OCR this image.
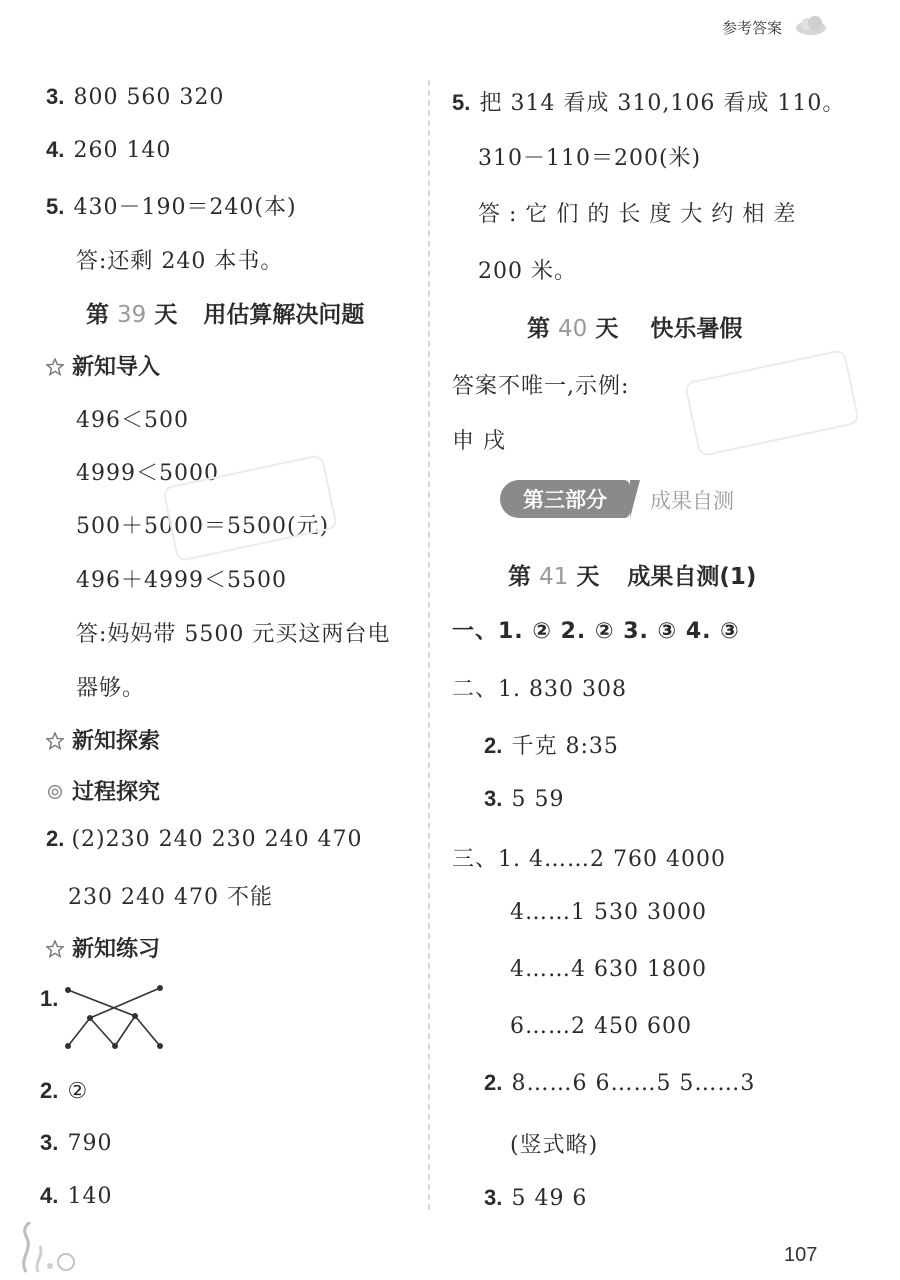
参考答案
3. 800 560 320
4. 260 140
5. 430－190＝240(本)
答:还剩 240 本书。
第 39 天 用估算解决问题
新知导入
496＜500
4999＜5000
500＋5000＝5500(元)
496＋4999＜5500
答:妈妈带 5500 元买这两台电
器够。
新知探索
过程探究
2. (2)230 240 230 240 470
230 240 470 不能
新知练习
1.
2. ②
3. 790
4. 140
5. 把 314 看成 310,106 看成 110。
310－110＝200(米)
答:它们的长度大约相差
200 米。
第 40 天 快乐暑假
答案不唯一,示例:
申 戌
第三部分	成果自测
第 41 天 成果自测(1)
一、1. ② 2. ② 3. ③ 4. ③
二、1. 830 308
2. 千克 8:35
3. 5 59
三、1. 4……2 760 4000
4……1 530 3000
4……4 630 1800
6……2 450 600
2. 8……6 6……5 5……3
(竖式略)
3. 5 49 6
107
